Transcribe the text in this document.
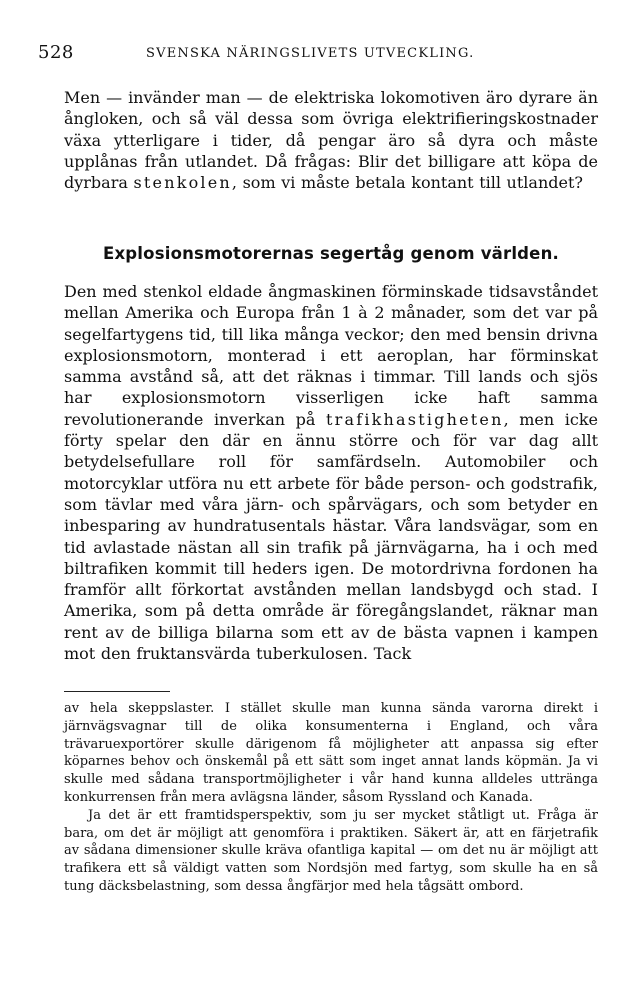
528	SVENSKA NÄRINGSLIVETS UTVECKLING.

Men — invänder man — de elektriska lokomotiven äro dyrare än ångloken, och så väl dessa som övriga elektrifieringskostnader växa ytterligare i tider, då pengar äro så dyra och måste upplånas från utlandet. Då frågas: Blir det billigare att köpa de dyrbara stenkolen, som vi måste betala kontant till utlandet?

Explosionsmotorernas segertåg genom världen.

Den med stenkol eldade ångmaskinen förminskade tidsavståndet mellan Amerika och Europa från 1 à 2 månader, som det var på segelfartygens tid, till lika många veckor; den med bensin drivna explosionsmotorn, monterad i ett aeroplan, har förminskat samma avstånd så, att det räknas i timmar. Till lands och sjös har explosionsmotorn visserligen icke haft samma revolutionerande inverkan på trafikhastigheten, men icke förty spelar den där en ännu större och för var dag allt betydelsefullare roll för samfärdseln. Automobiler och motorcyklar utföra nu ett arbete för både person- och godstrafik, som tävlar med våra järn- och spårvägars, och som betyder en inbesparing av hundratusentals hästar. Våra landsvägar, som en tid avlastade nästan all sin trafik på järnvägarna, ha i och med biltrafiken kommit till heders igen. De motordrivna fordonen ha framför allt förkortat avstånden mellan landsbygd och stad. I Amerika, som på detta område är föregångslandet, räknar man rent av de billiga bilarna som ett av de bästa vapnen i kampen mot den fruktansvärda tuberkulosen. Tack

av hela skeppslaster. I stället skulle man kunna sända varorna direkt i järnvägsvagnar till de olika konsumenterna i England, och våra trävaruexportörer skulle därigenom få möjligheter att anpassa sig efter köparnes behov och önskemål på ett sätt som inget annat lands köpmän. Ja vi skulle med sådana transportmöjligheter i vår hand kunna alldeles uttränga konkurrensen från mera avlägsna länder, såsom Ryssland och Kanada.

Ja det är ett framtidsperspektiv, som ju ser mycket ståtligt ut. Fråga är bara, om det är möjligt att genomföra i praktiken. Säkert är, att en färjetrafik av sådana dimensioner skulle kräva ofantliga kapital — om det nu är möjligt att trafikera ett så väldigt vatten som Nordsjön med fartyg, som skulle ha en så tung däcksbelastning, som dessa ångfärjor med hela tågsätt ombord.
